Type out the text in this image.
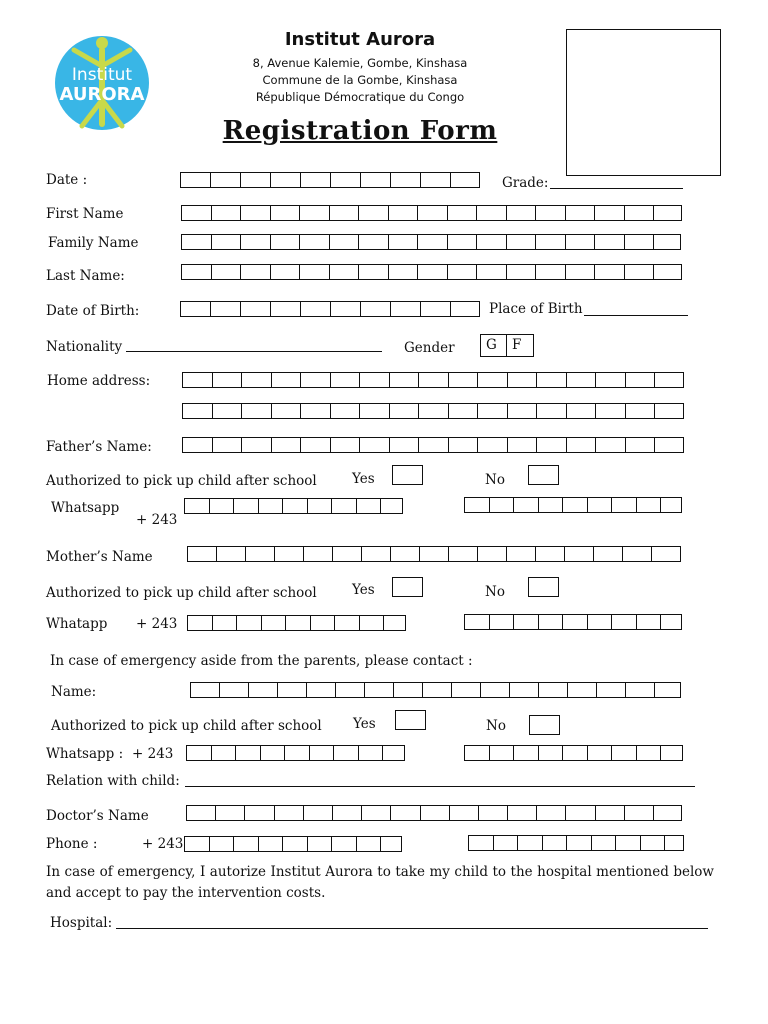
Institut
AURORA
Institut Aurora
8, Avenue Kalemie, Gombe, Kinshasa
Commune de la Gombe, Kinshasa
République Démocratique du Congo
Registration Form
Date :	Grade:
First Name
Family Name
Last Name:
Date of Birth:	Place of Birth
Nationality	Gender	G	F
Home address:
Father’s Name:
Authorized to pick up child after school	Yes	No
Whatsapp
+ 243
Mother’s Name
Authorized to pick up child after school	Yes	No
Whatapp + 243
In case of emergency aside from the parents, please contact :
Name:
Authorized to pick up child after school Yes	No
Whatsapp : + 243
Relation with child:
Doctor’s Name
Phone :	+ 243
In case of emergency, I autorize Institut Aurora to take my child to the hospital mentioned below and accept to pay the intervention costs.
Hospital:
